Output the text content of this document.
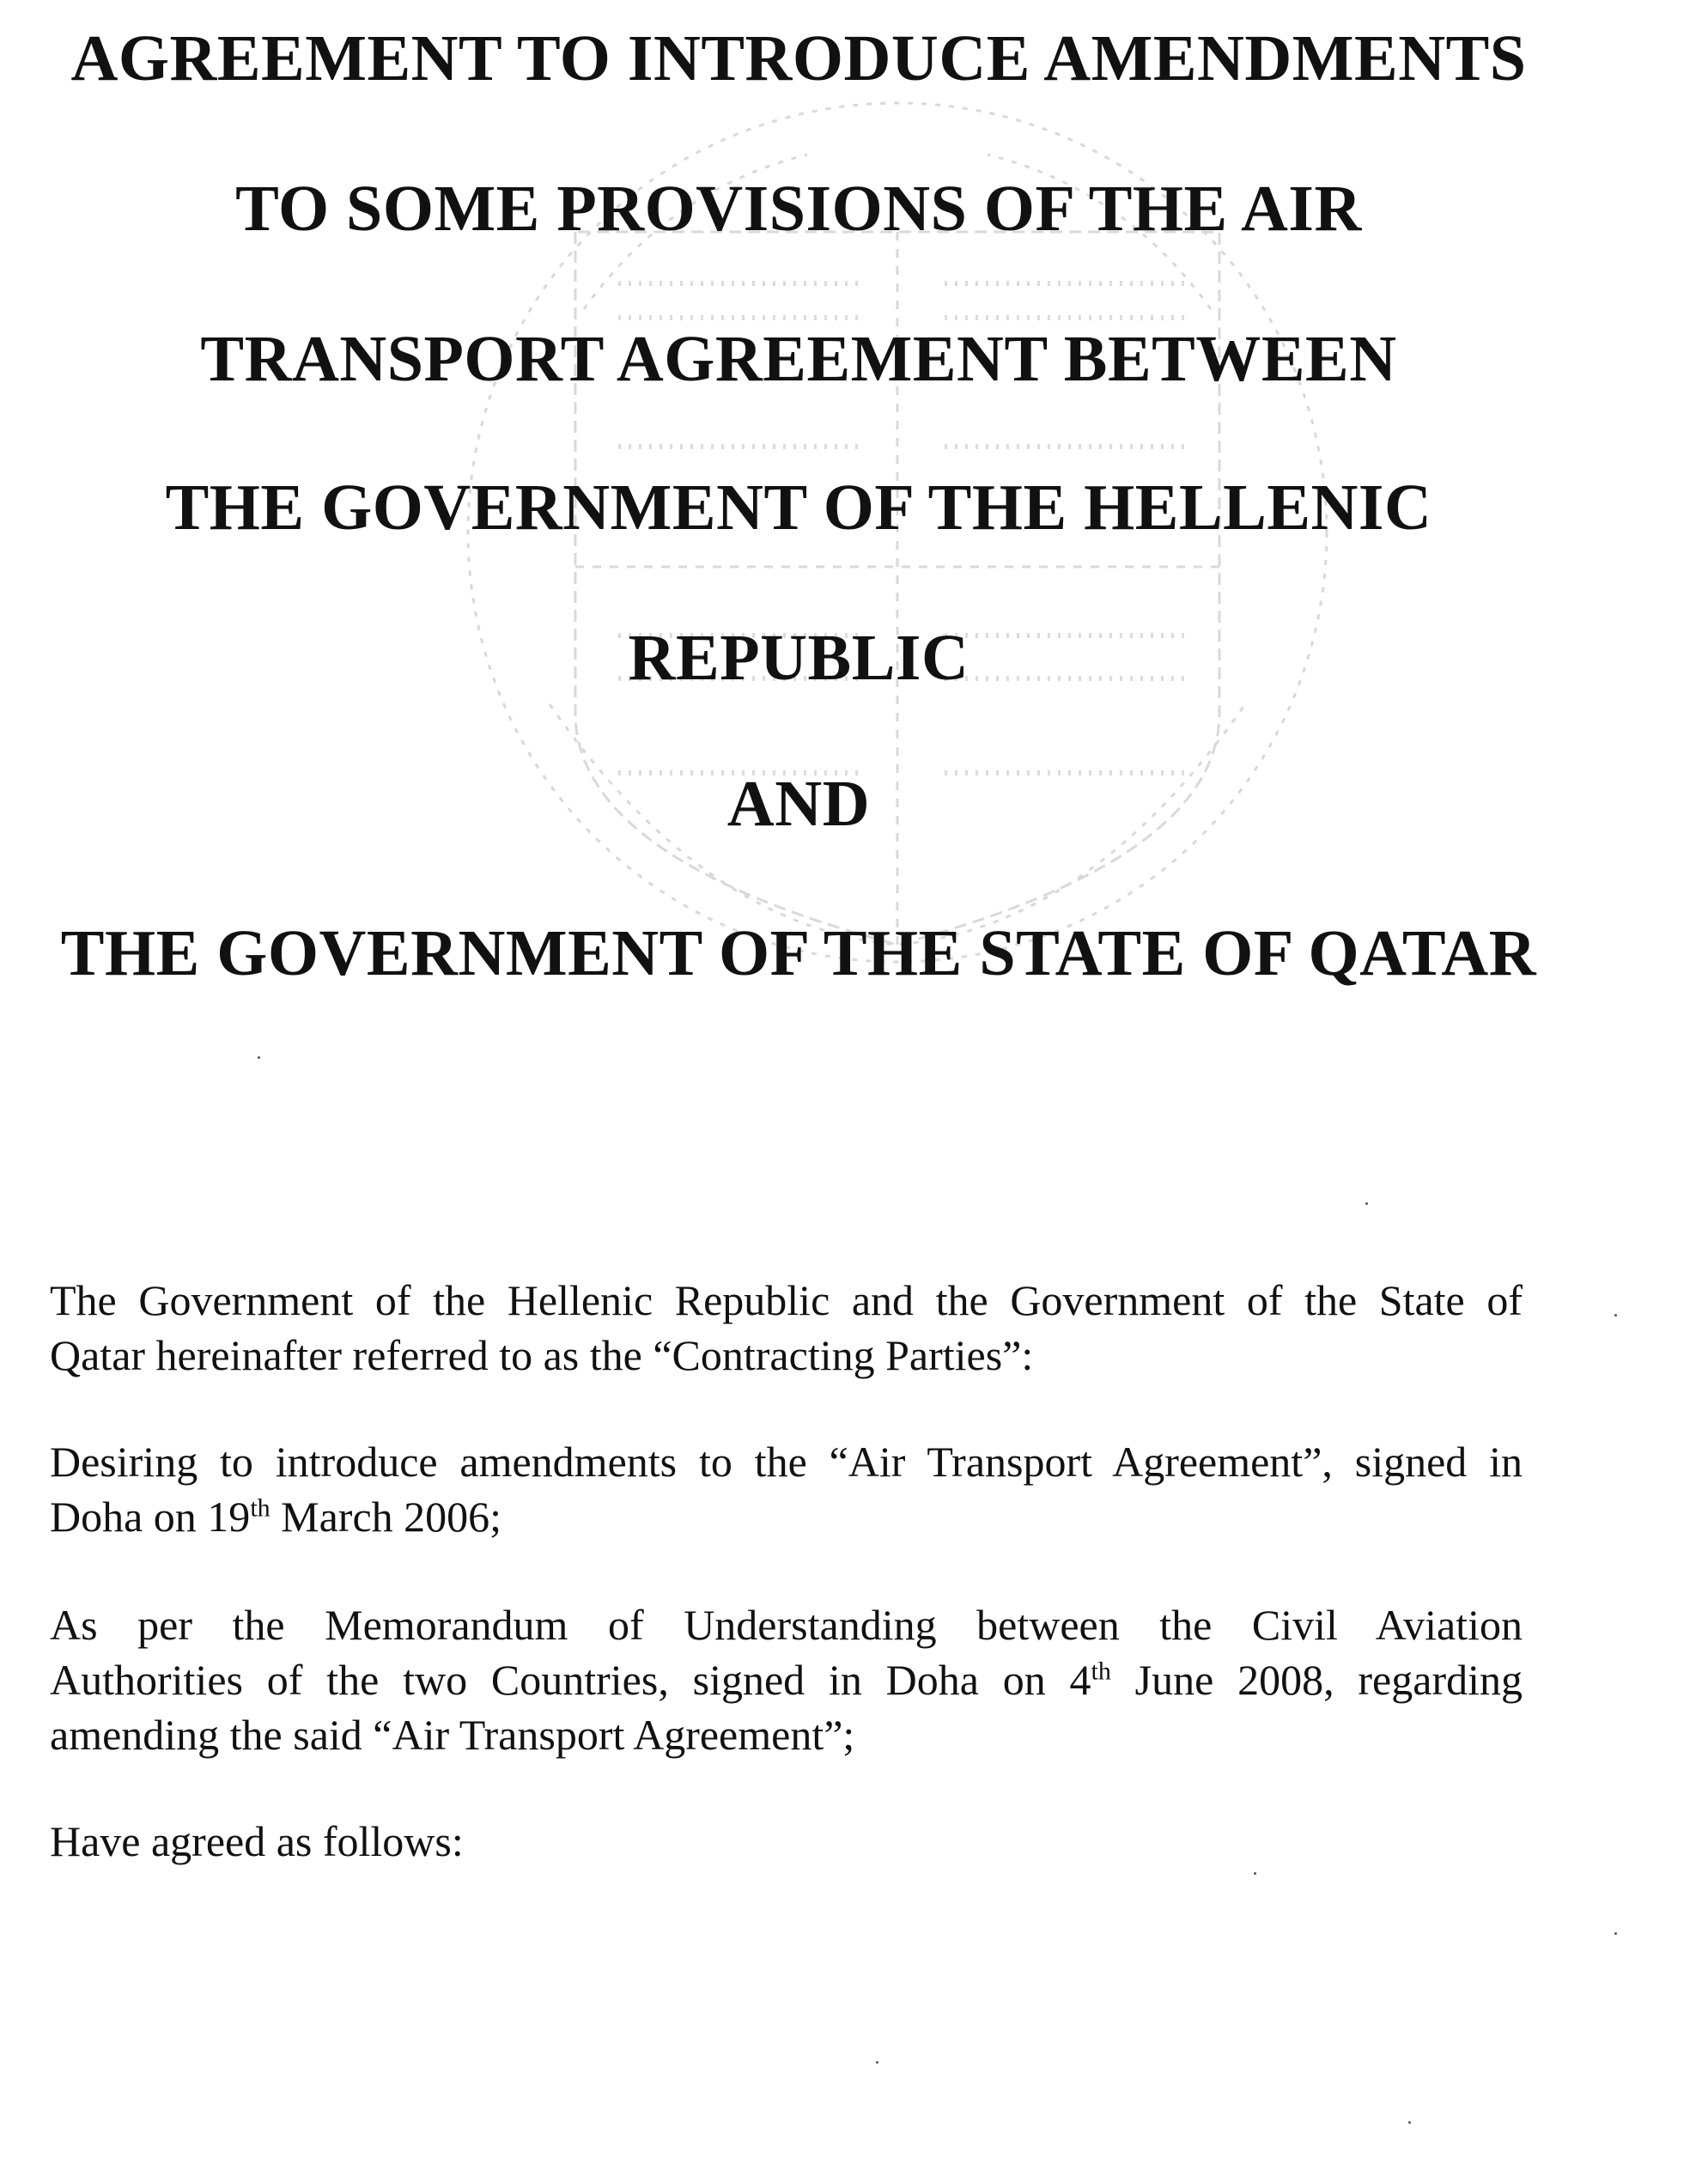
AGREEMENT TO INTRODUCE AMENDMENTS
TO SOME PROVISIONS OF THE AIR
TRANSPORT AGREEMENT BETWEEN
THE GOVERNMENT OF THE HELLENIC
REPUBLIC
AND
THE GOVERNMENT OF THE STATE OF QATAR
The Government of the Hellenic Republic and the Government of the State of
Qatar hereinafter referred to as the “Contracting Parties”:
Desiring to introduce amendments to the “Air Transport Agreement”, signed in
Doha on 19th March 2006;
As per the Memorandum of Understanding between the Civil Aviation
Authorities of the two Countries, signed in Doha on 4th June 2008, regarding
amending the said “Air Transport Agreement”;
Have agreed as follows:
